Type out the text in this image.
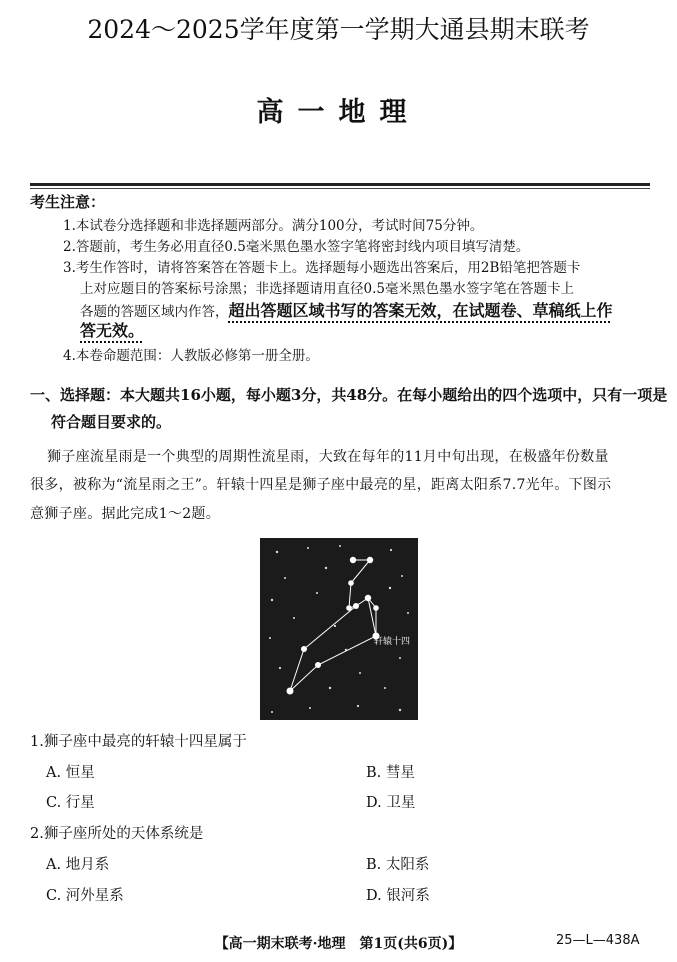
2024～2025学年度第一学期大通县期末联考
高一地理
考生注意：
1.本试卷分选择题和非选择题两部分。满分100分，考试时间75分钟。
2.答题前，考生务必用直径0.5毫米黑色墨水签字笔将密封线内项目填写清楚。
3.考生作答时，请将答案答在答题卡上。选择题每小题选出答案后，用2B铅笔把答题卡
上对应题目的答案标号涂黑；非选择题请用直径0.5毫米黑色墨水签字笔在答题卡上
各题的答题区域内作答，超出答题区域书写的答案无效，在试题卷、草稿纸上作
答无效。
4.本卷命题范围：人教版必修第一册全册。
一、选择题：本大题共16小题，每小题3分，共48分。在每小题给出的四个选项中，只有一项是
符合题目要求的。
狮子座流星雨是一个典型的周期性流星雨，大致在每年的11月中旬出现，在极盛年份数量
很多，被称为“流星雨之王”。轩辕十四星是狮子座中最亮的星，距离太阳系7.7光年。下图示
意狮子座。据此完成1～2题。
轩辕十四
1.狮子座中最亮的轩辕十四星属于
A. 恒星	B. 彗星
C. 行星	D. 卫星
2.狮子座所处的天体系统是
A. 地月系	B. 太阳系
C. 河外星系	D. 银河系
【高一期末联考·地理　第1页(共6页)】	25—L—438A
